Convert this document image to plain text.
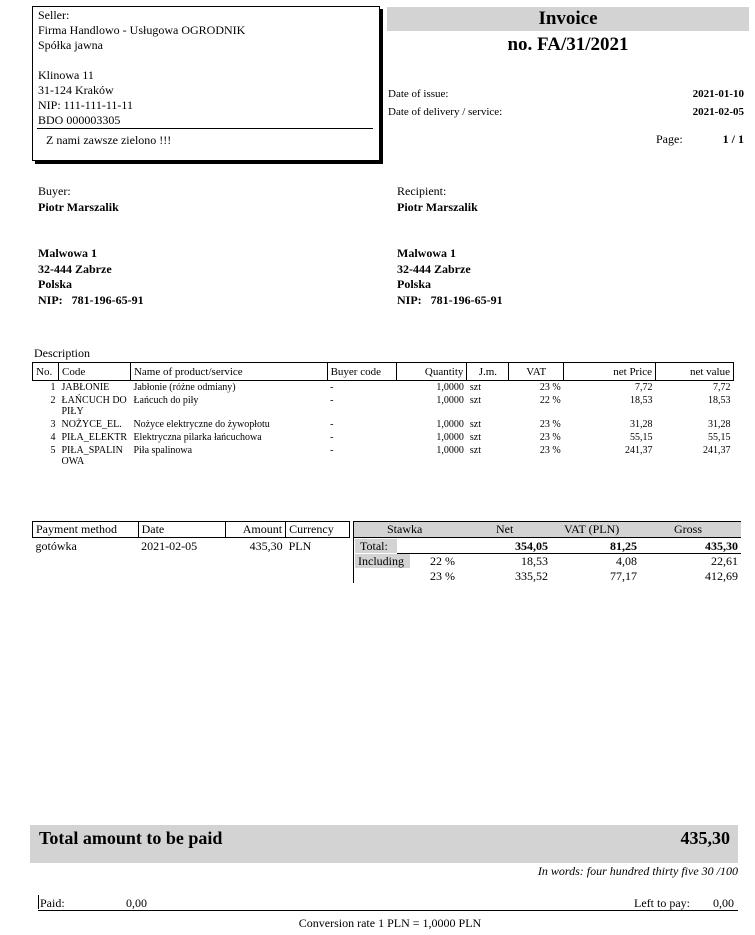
Seller:
Firma Handlowo - Usługowa OGRODNIK
Spółka jawna
Klinowa 11
31-124 Kraków
NIP: 111-111-11-11
BDO 000003305
Z nami zawsze zielono !!!
Invoice
no. FA/31/2021
Date of issue:	2021-01-10
Date of delivery / service:	2021-02-05
Page:	1 / 1
Buyer:
Piotr Marszalik
Malwowa 1
32-444 Zabrze
Polska
NIP: 781-196-65-91
Recipient:
Piotr Marszalik
Malwowa 1
32-444 Zabrze
Polska
NIP: 781-196-65-91
Description
No.	Code	Name of product/service	Buyer code	Quantity	J.m.	VAT	net Price	net value
1	JABŁONIE	Jabłonie (różne odmiany)	-	1,0000	szt	23 %	7,72	7,72
2	ŁAŃCUCH DO PIŁY	Łańcuch do piły	-	1,0000	szt	22 %	18,53	18,53
3	NOŻYCE_EL.	Nożyce elektryczne do żywopłotu	-	1,0000	szt	23 %	31,28	31,28
4	PIŁA_ELEKTR	Elektryczna pilarka łańcuchowa	-	1,0000	szt	23 %	55,15	55,15
5	PIŁA_SPALINOWA	Piła spalinowa	-	1,0000	szt	23 %	241,37	241,37
Payment method	Date	Amount	Currency
gotówka	2021-02-05	435,30	PLN
Stawka	Net	VAT (PLN)	Gross
Total:	354,05	81,25	435,30
Including 22 %	18,53	4,08	22,61
23 %	335,52	77,17	412,69
Total amount to be paid	435,30
In words: four hundred thirty five 30 /100
Paid:	0,00	Left to pay:	0,00
Conversion rate 1 PLN = 1,0000 PLN
